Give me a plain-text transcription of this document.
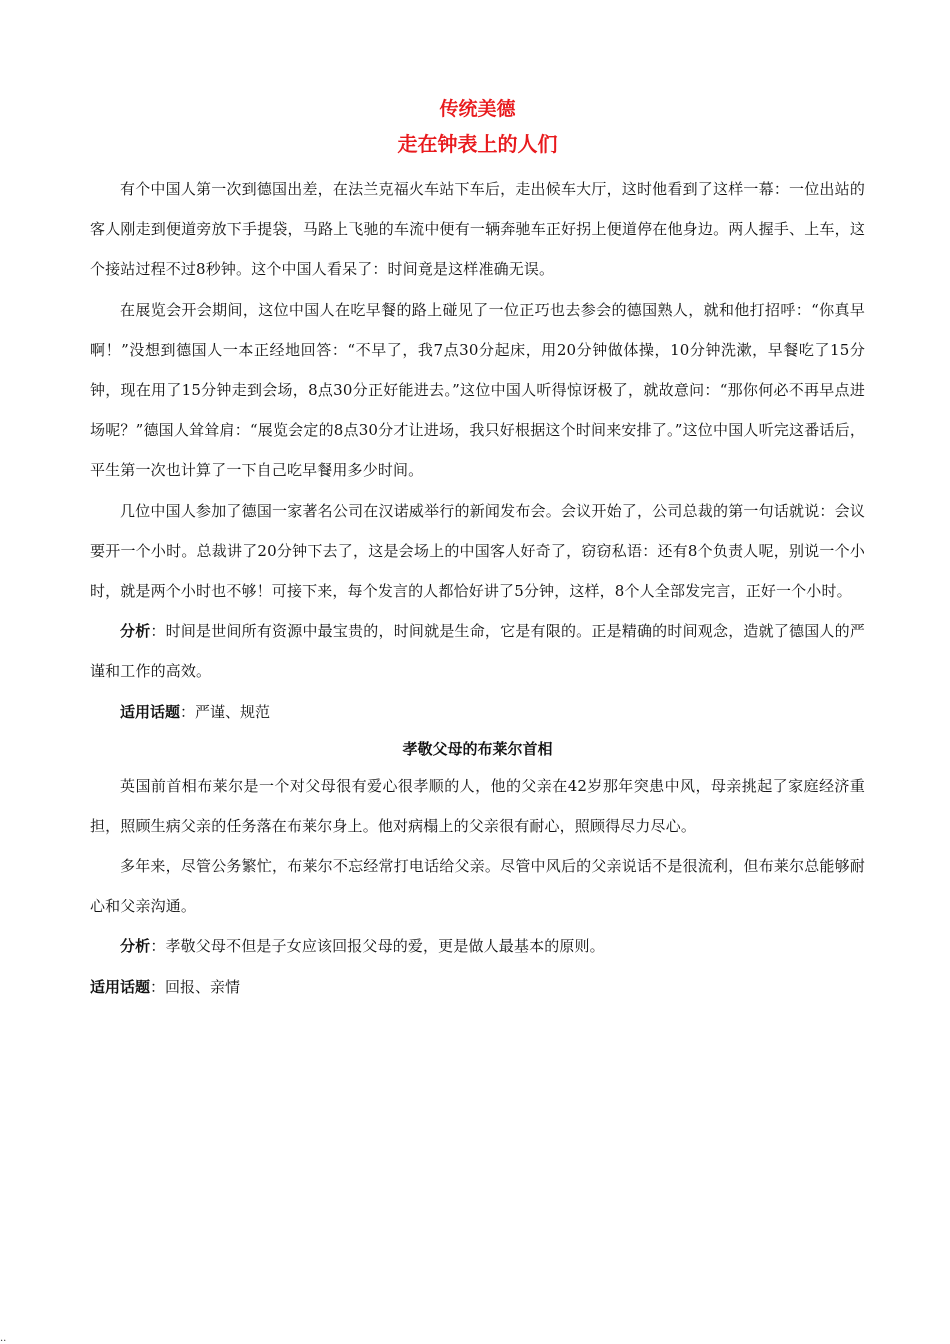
传统美德
走在钟表上的人们

有个中国人第一次到德国出差，在法兰克福火车站下车后，走出候车大厅，这时他看到了这样一幕：一位出站的客人刚走到便道旁放下手提袋，马路上飞驰的车流中便有一辆奔驰车正好拐上便道停在他身边。两人握手、上车，这个接站过程不过8秒钟。这个中国人看呆了：时间竟是这样准确无误。

在展览会开会期间，这位中国人在吃早餐的路上碰见了一位正巧也去参会的德国熟人，就和他打招呼：“你真早啊！”没想到德国人一本正经地回答：“不早了，我7点30分起床，用20分钟做体操，10分钟洗漱，早餐吃了15分钟，现在用了15分钟走到会场，8点30分正好能进去。”这位中国人听得惊讶极了，就故意问：“那你何必不再早点进场呢？”德国人耸耸肩：“展览会定的8点30分才让进场，我只好根据这个时间来安排了。”这位中国人听完这番话后，平生第一次也计算了一下自己吃早餐用多少时间。

几位中国人参加了德国一家著名公司在汉诺威举行的新闻发布会。会议开始了，公司总裁的第一句话就说：会议要开一个小时。总裁讲了20分钟下去了，这是会场上的中国客人好奇了，窃窃私语：还有8个负责人呢，别说一个小时，就是两个小时也不够！可接下来，每个发言的人都恰好讲了5分钟，这样，8个人全部发完言，正好一个小时。

分析：时间是世间所有资源中最宝贵的，时间就是生命，它是有限的。正是精确的时间观念，造就了德国人的严谨和工作的高效。

适用话题：严谨、规范

孝敬父母的布莱尔首相

英国前首相布莱尔是一个对父母很有爱心很孝顺的人，他的父亲在42岁那年突患中风，母亲挑起了家庭经济重担，照顾生病父亲的任务落在布莱尔身上。他对病榻上的父亲很有耐心，照顾得尽力尽心。

多年来，尽管公务繁忙，布莱尔不忘经常打电话给父亲。尽管中风后的父亲说话不是很流利，但布莱尔总能够耐心和父亲沟通。

分析：孝敬父母不但是子女应该回报父母的爱，更是做人最基本的原则。

适用话题：回报、亲情

..
